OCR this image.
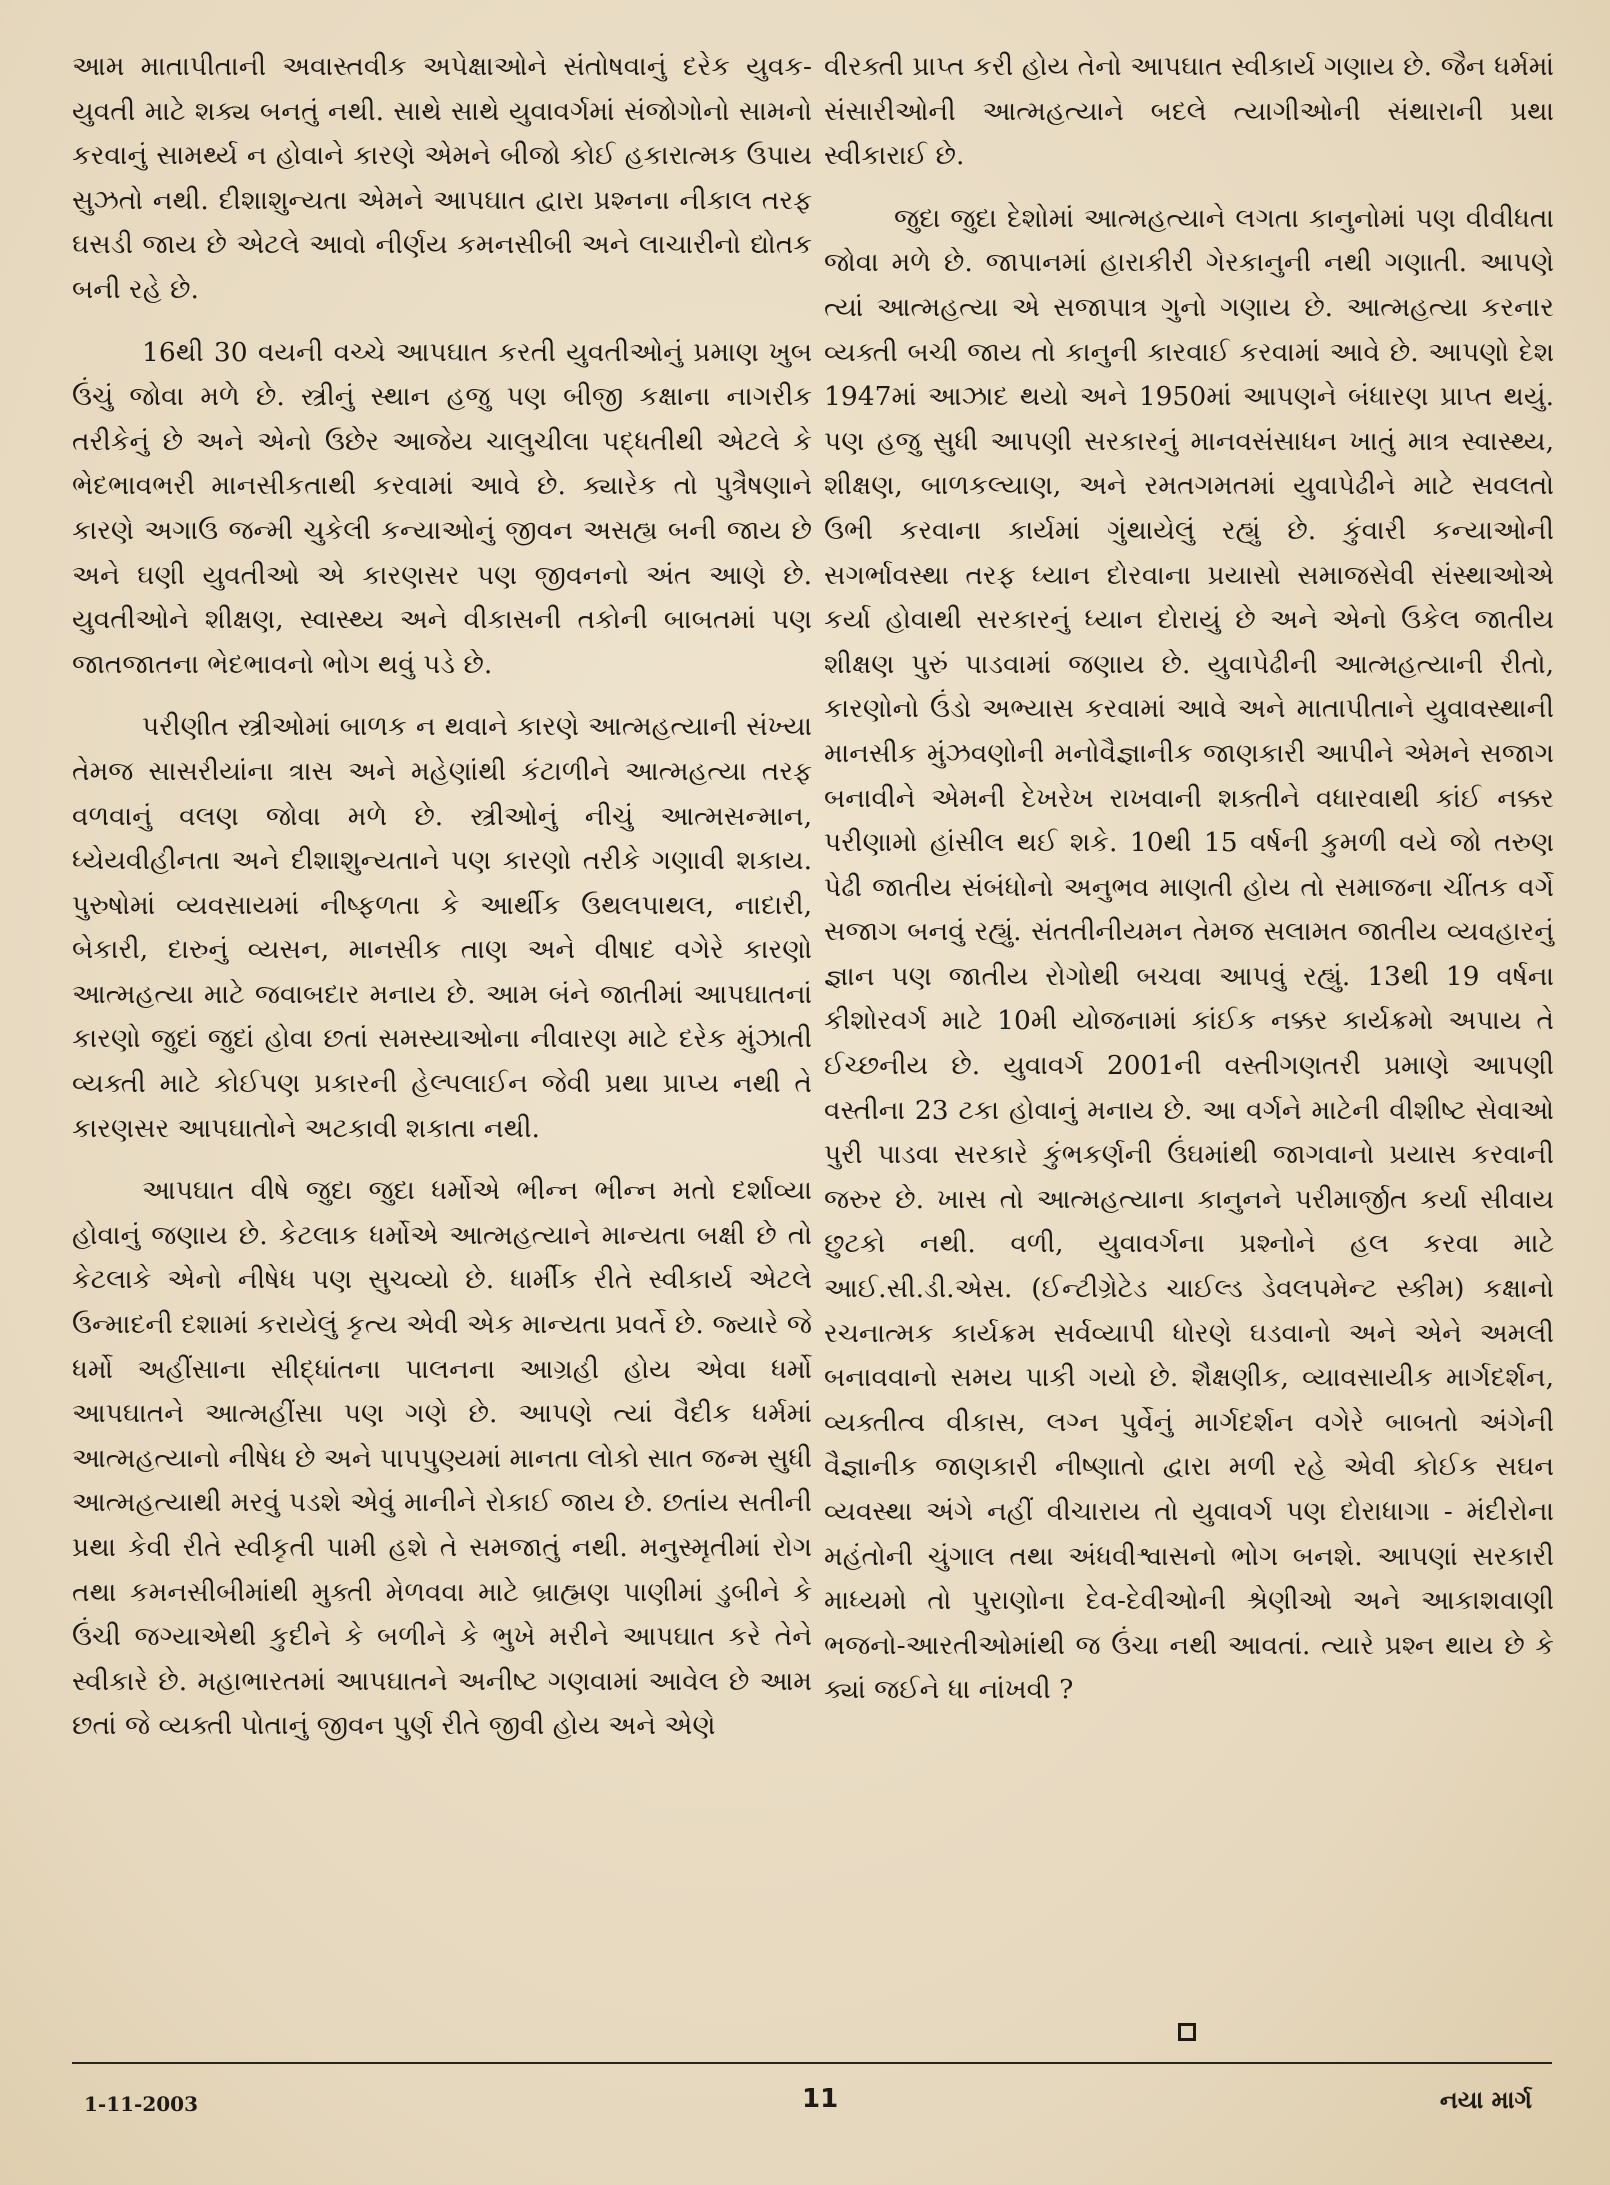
આમ માતાપીતાની અવાસ્તવીક અપેક્ષાઓને સંતોષવાનું દરેક યુવક-યુવતી માટે શક્ય બનતું નથી. સાથે સાથે યુવાવર્ગમાં સંજોગોનો સામનો કરવાનું સામર્થ્ય ન હોવાને કારણે એમને બીજો કોઈ હકારાત્મક ઉપાય સુઝતો નથી. દીશાશુન્યતા એમને આપઘાત દ્વારા પ્રશ્નના નીકાલ તરફ ઘસડી જાય છે એટલે આવો નીર્ણય કમનસીબી અને લાચારીનો દ્યોતક બની રહે છે.

16થી 30 વયની વચ્ચે આપઘાત કરતી યુવતીઓનું પ્રમાણ ખુબ ઉંચું જોવા મળે છે. સ્ત્રીનું સ્થાન હજુ પણ બીજી કક્ષાના નાગરીક તરીકેનું છે અને એનો ઉછેર આજેય ચાલુચીલા પદ્ધતીથી એટલે કે ભેદભાવભરી માનસીકતાથી કરવામાં આવે છે. ક્યારેક તો પુત્રૈષણાને કારણે અગાઉ જન્મી ચુકેલી કન્યાઓનું જીવન અસહ્ય બની જાય છે અને ઘણી યુવતીઓ એ કારણસર પણ જીવનનો અંત આણે છે. યુવતીઓને શીક્ષણ, સ્વાસ્થ્ય અને વીકાસની તકોની બાબતમાં પણ જાતજાતના ભેદભાવનો ભોગ થવું પડે છે.

પરીણીત સ્ત્રીઓમાં બાળક ન થવાને કારણે આત્મહત્યાની સંખ્યા તેમજ સાસરીયાંના ત્રાસ અને મહેણાંથી કંટાળીને આત્મહત્યા તરફ વળવાનું વલણ જોવા મળે છે. સ્ત્રીઓનું નીચું આત્મસન્માન, ધ્યેયવીહીનતા અને દીશાશુન્યતાને પણ કારણો તરીકે ગણાવી શકાય. પુરુષોમાં વ્યવસાયમાં નીષ્ફળતા કે આર્થીક ઉથલપાથલ, નાદારી, બેકારી, દારુનું વ્યસન, માનસીક તાણ અને વીષાદ વગેરે કારણો આત્મહત્યા માટે જવાબદાર મનાય છે. આમ બંને જાતીમાં આપઘાતનાં કારણો જુદાં જુદાં હોવા છતાં સમસ્યાઓના નીવારણ માટે દરેક મુંઝાતી વ્યક્તી માટે કોઈપણ પ્રકારની હેલ્પલાઈન જેવી પ્રથા પ્રાપ્ય નથી તે કારણસર આપઘાતોને અટકાવી શકાતા નથી.

આપઘાત વીષે જુદા જુદા ધર્મોએ ભીન્ન ભીન્ન મતો દર્શાવ્યા હોવાનું જણાય છે. કેટલાક ધર્મોએ આત્મહત્યાને માન્યતા બક્ષી છે તો કેટલાકે એનો નીષેધ પણ સુચવ્યો છે. ધાર્મીક રીતે સ્વીકાર્ય એટલે ઉન્માદની દશામાં કરાયેલું કૃત્ય એવી એક માન્યતા પ્રવર્તે છે. જ્યારે જે ધર્મો અહીંસાના સીદ્ધાંતના પાલનના આગ્રહી હોય એવા ધર્મો આપઘાતને આત્મહીંસા પણ ગણે છે. આપણે ત્યાં વૈદીક ધર્મમાં આત્મહત્યાનો નીષેધ છે અને પાપપુણ્યમાં માનતા લોકો સાત જન્મ સુધી આત્મહત્યાથી મરવું પડશે એવું માનીને રોકાઈ જાય છે. છતાંય સતીની પ્રથા કેવી રીતે સ્વીકૃતી પામી હશે તે સમજાતું નથી. મનુસ્મૃતીમાં રોગ તથા કમનસીબીમાંથી મુક્તી મેળવવા માટે બ્રાહ્મણ પાણીમાં ડુબીને કે ઉંચી જગ્યાએથી કુદીને કે બળીને કે ભુખે મરીને આપઘાત કરે તેને સ્વીકારે છે. મહાભારતમાં આપઘાતને અનીષ્ટ ગણવામાં આવેલ છે આમ છતાં જે વ્યક્તી પોતાનું જીવન પુર્ણ રીતે જીવી હોય અને એણે

વીરક્તી પ્રાપ્ત કરી હોય તેનો આપઘાત સ્વીકાર્ય ગણાય છે. જૈન ધર્મમાં સંસારીઓની આત્મહત્યાને બદલે ત્યાગીઓની સંથારાની પ્રથા સ્વીકારાઈ છે.

જુદા જુદા દેશોમાં આત્મહત્યાને લગતા કાનુનોમાં પણ વીવીધતા જોવા મળે છે. જાપાનમાં હારાકીરી ગેરકાનુની નથી ગણાતી. આપણે ત્યાં આત્મહત્યા એ સજાપાત્ર ગુનો ગણાય છે. આત્મહત્યા કરનાર વ્યક્તી બચી જાય તો કાનુની કારવાઈ કરવામાં આવે છે. આપણો દેશ 1947માં આઝાદ થયો અને 1950માં આપણને બંધારણ પ્રાપ્ત થયું. પણ હજુ સુધી આપણી સરકારનું માનવસંસાધન ખાતું માત્ર સ્વાસ્થ્ય, શીક્ષણ, બાળકલ્યાણ, અને રમતગમતમાં યુવાપેઢીને માટે સવલતો ઉભી કરવાના કાર્યમાં ગુંથાયેલું રહ્યું છે. કુંવારી કન્યાઓની સગર્ભાવસ્થા તરફ ધ્યાન દોરવાના પ્રયાસો સમાજસેવી સંસ્થાઓએ કર્યા હોવાથી સરકારનું ધ્યાન દોરાયું છે અને એનો ઉકેલ જાતીય શીક્ષણ પુરું પાડવામાં જણાય છે. યુવાપેઢીની આત્મહત્યાની રીતો, કારણોનો ઉંડો અભ્યાસ કરવામાં આવે અને માતાપીતાને યુવાવસ્થાની માનસીક મુંઝવણોની મનોવૈજ્ઞાનીક જાણકારી આપીને એમને સજાગ બનાવીને એમની દેખરેખ રાખવાની શક્તીને વધારવાથી કાંઈ નક્કર પરીણામો હાંસીલ થઈ શકે. 10થી 15 વર્ષની કુમળી વયે જો તરુણ પેઢી જાતીય સંબંધોનો અનુભવ માણતી હોય તો સમાજના ચીંતક વર્ગે સજાગ બનવું રહ્યું. સંતતીનીયમન તેમજ સલામત જાતીય વ્યવહારનું જ્ઞાન પણ જાતીય રોગોથી બચવા આપવું રહ્યું. 13થી 19 વર્ષના કીશોરવર્ગ માટે 10મી યોજનામાં કાંઈક નક્કર કાર્યક્રમો અપાય તે ઈચ્છનીય છે. યુવાવર્ગ 2001ની વસ્તીગણતરી પ્રમાણે આપણી વસ્તીના 23 ટકા હોવાનું મનાય છે. આ વર્ગને માટેની વીશીષ્ટ સેવાઓ પુરી પાડવા સરકારે કુંભકર્ણની ઉંઘમાંથી જાગવાનો પ્રયાસ કરવાની જરુર છે. ખાસ તો આત્મહત્યાના કાનુનને પરીમાર્જીત કર્યા સીવાય છુટકો નથી. વળી, યુવાવર્ગના પ્રશ્નોને હલ કરવા માટે આઈ.સી.ડી.એસ. (ઈન્ટીગ્રેટેડ ચાઈલ્ડ ડેવલપમેન્ટ સ્કીમ) કક્ષાનો રચનાત્મક કાર્યક્રમ સર્વવ્યાપી ધોરણે ઘડવાનો અને એને અમલી બનાવવાનો સમય પાકી ગયો છે. શૈક્ષણીક, વ્યાવસાયીક માર્ગદર્શન, વ્યક્તીત્વ વીકાસ, લગ્ન પુર્વેનું માર્ગદર્શન વગેરે બાબતો અંગેની વૈજ્ઞાનીક જાણકારી નીષ્ણાતો દ્વારા મળી રહે એવી કોઈક સઘન વ્યવસ્થા અંગે નહીં વીચારાય તો યુવાવર્ગ પણ દોરાધાગા - મંદીરોના મહંતોની ચુંગાલ તથા અંધવીશ્વાસનો ભોગ બનશે. આપણાં સરકારી માધ્યમો તો પુરાણોના દેવ-દેવીઓની શ્રેણીઓ અને આકાશવાણી ભજનો-આરતીઓમાંથી જ ઉંચા નથી આવતાં. ત્યારે પ્રશ્ન થાય છે કે ક્યાં જઈને ધા નાંખવી ?

1-11-2003	11	નયા માર્ગ
